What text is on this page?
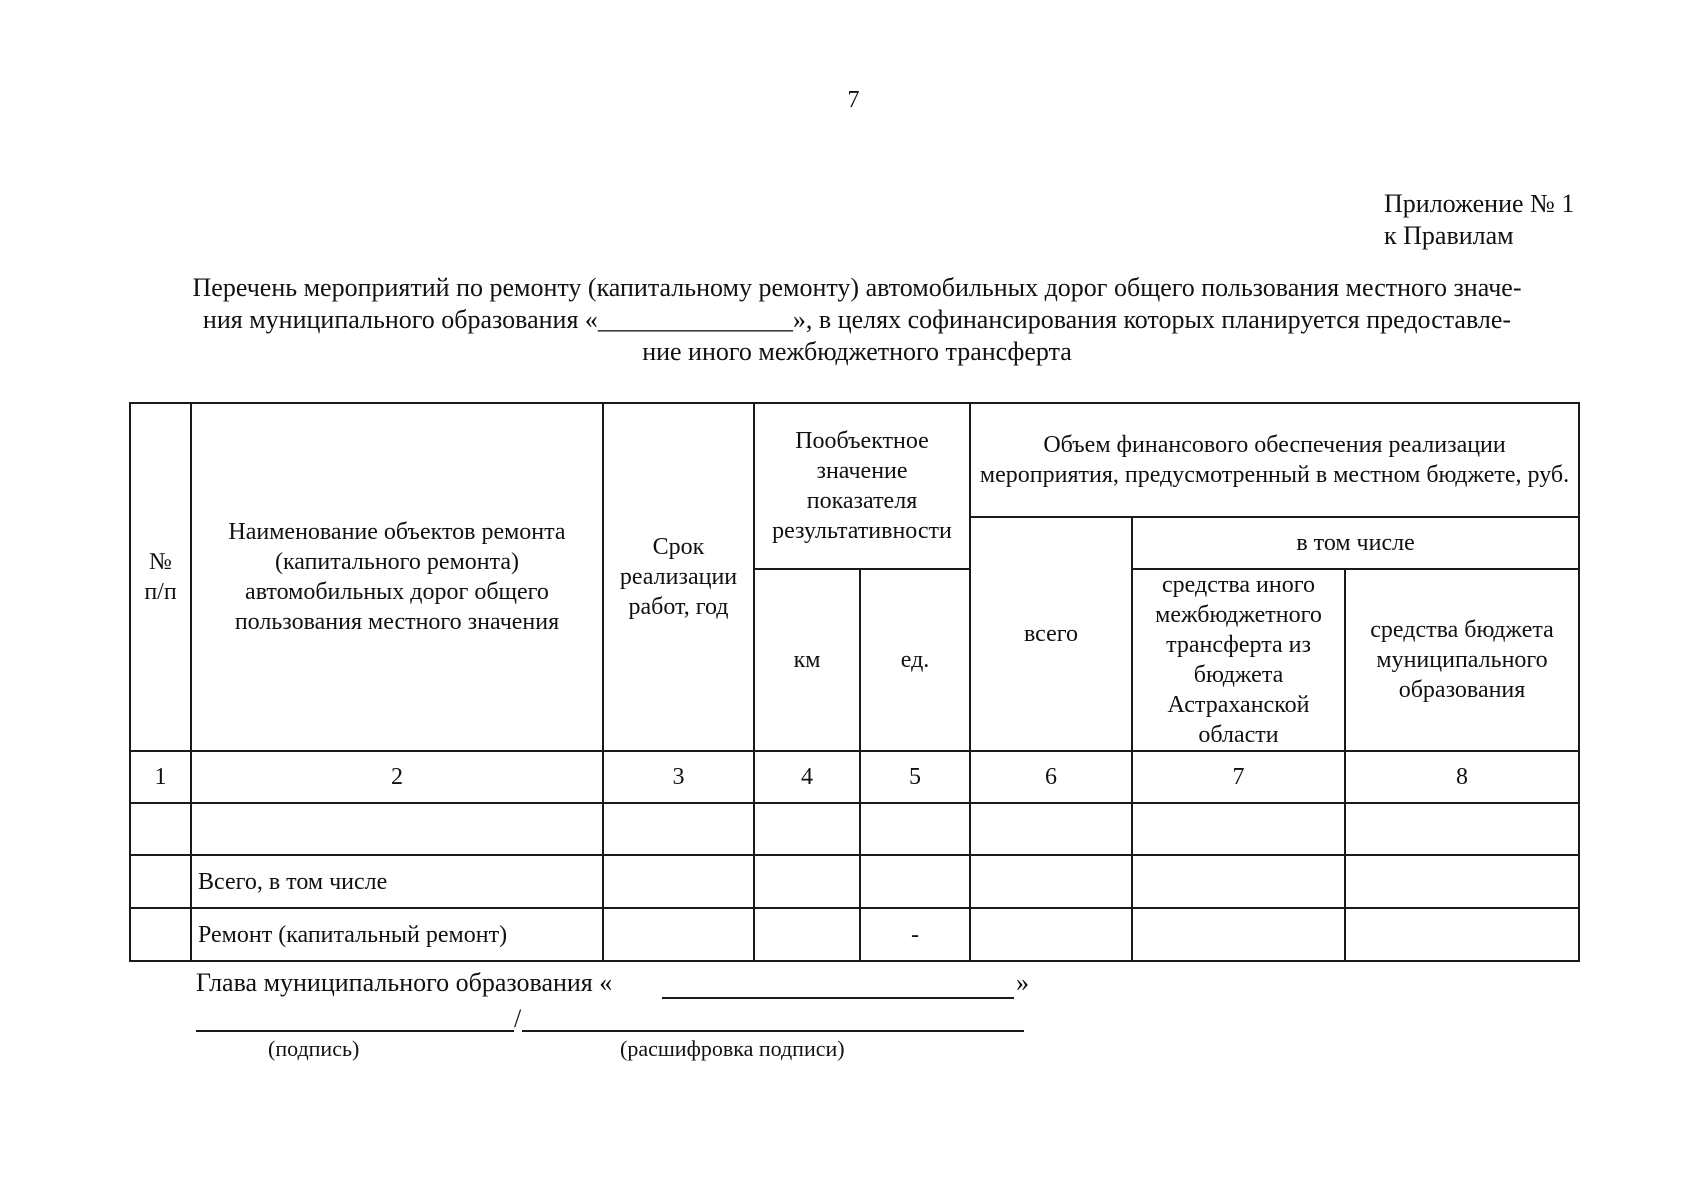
7
Приложение № 1
к Правилам
Перечень мероприятий по ремонту (капитальному ремонту) автомобильных дорог общего пользования местного значе-
ния муниципального образования «_______________», в целях софинансирования которых планируется предоставле-
ние иного межбюджетного трансферта
№ п/п	Наименование объектов ремонта (капитального ремонта) автомобильных дорог общего пользования местного значения	Срок реализации работ, год	Пообъектное значение показателя результативности		Объем финансового обеспечения реализации мероприятия, предусмотренный в местном бюджете, руб.		
					всего	в том числе	
			км	ед.		средства иного межбюджетного трансферта из бюджета Астраханской области	средства бюджета муниципального образования
1	2	3	4	5	6	7	8

	Всего, в том числе						
	Ремонт (капитальный ремонт)			-			
Глава муниципального образования «	»
/
(подпись)	(расшифровка подписи)
